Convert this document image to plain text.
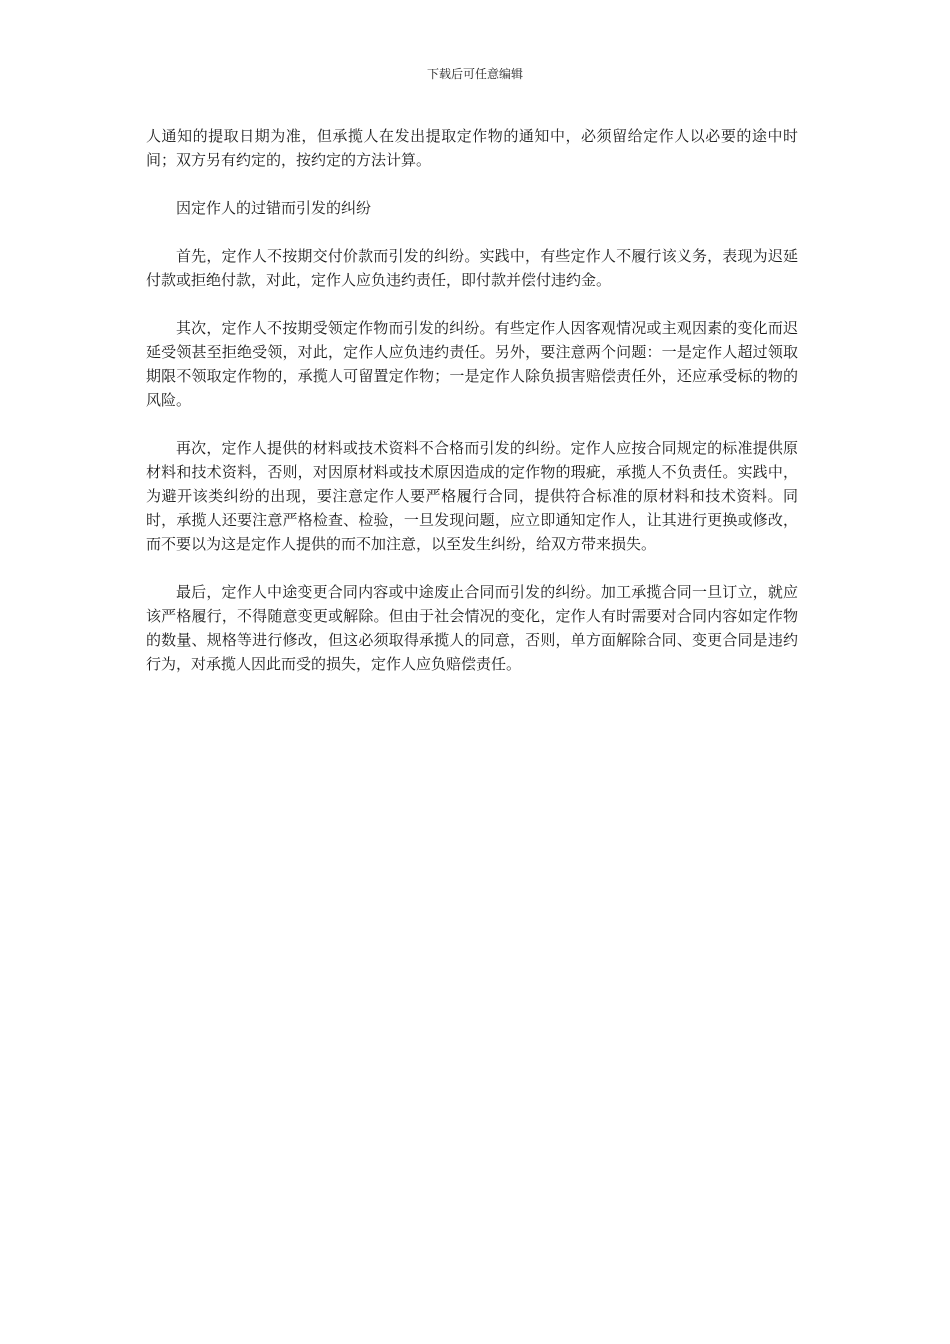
下载后可任意编辑

人通知的提取日期为准，但承揽人在发出提取定作物的通知中，必须留给定作人以必要的途中时间；双方另有约定的，按约定的方法计算。

因定作人的过错而引发的纠纷

首先，定作人不按期交付价款而引发的纠纷。实践中，有些定作人不履行该义务，表现为迟延付款或拒绝付款，对此，定作人应负违约责任，即付款并偿付违约金。

其次，定作人不按期受领定作物而引发的纠纷。有些定作人因客观情况或主观因素的变化而迟延受领甚至拒绝受领，对此，定作人应负违约责任。另外，要注意两个问题：一是定作人超过领取期限不领取定作物的，承揽人可留置定作物；一是定作人除负损害赔偿责任外，还应承受标的物的风险。

再次，定作人提供的材料或技术资料不合格而引发的纠纷。定作人应按合同规定的标准提供原材料和技术资料，否则，对因原材料或技术原因造成的定作物的瑕疵，承揽人不负责任。实践中，为避开该类纠纷的出现，要注意定作人要严格履行合同，提供符合标准的原材料和技术资料。同时，承揽人还要注意严格检查、检验，一旦发现问题，应立即通知定作人，让其进行更换或修改，而不要以为这是定作人提供的而不加注意，以至发生纠纷，给双方带来损失。

最后，定作人中途变更合同内容或中途废止合同而引发的纠纷。加工承揽合同一旦订立，就应该严格履行，不得随意变更或解除。但由于社会情况的变化，定作人有时需要对合同内容如定作物的数量、规格等进行修改，但这必须取得承揽人的同意，否则，单方面解除合同、变更合同是违约行为，对承揽人因此而受的损失，定作人应负赔偿责任。
